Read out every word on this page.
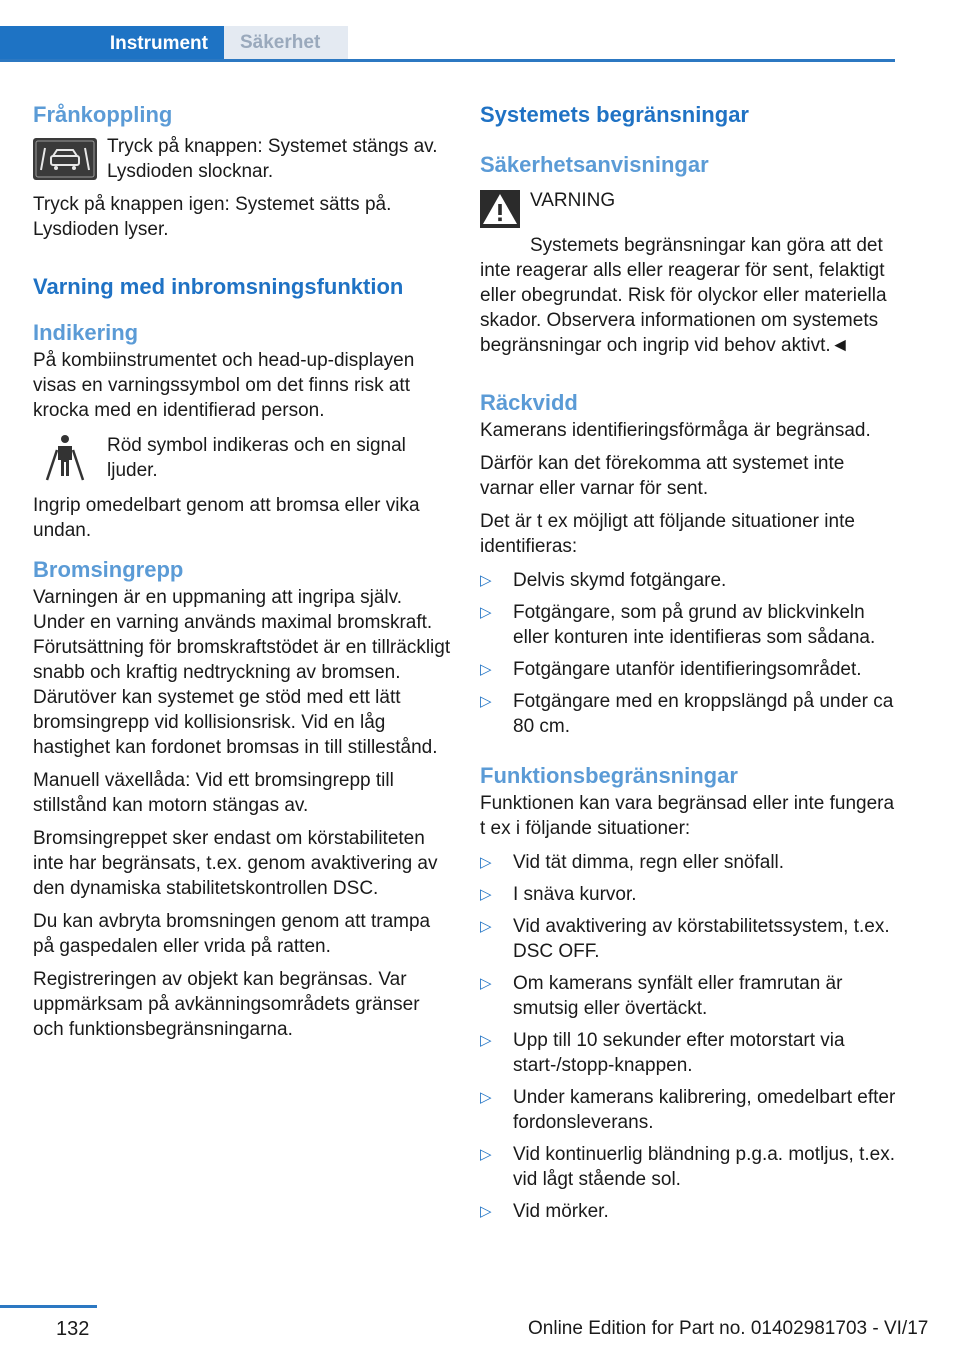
Instrument	Säkerhet
Frånkoppling

Tryck på knappen: Systemet stängs av. Lysdioden slocknar.

Tryck på knappen igen: Systemet sätts på. Lysdioden lyser.

Varning med inbromsningsfunktion
Indikering

På kombiinstrumentet och head-up-displayen visas en varningssymbol om det finns risk att krocka med en identifierad person.

Röd symbol indikeras och en signal ljuder.

Ingrip omedelbart genom att bromsa eller vika undan.

Bromsingrepp

Varningen är en uppmaning att ingripa själv. Under en varning används maximal bromskraft. Förutsättning för bromskraftstödet är en tillräckligt snabb och kraftig nedtryckning av bromsen. Därutöver kan systemet ge stöd med ett lätt bromsingrepp vid kollisionsrisk. Vid en låg hastighet kan fordonet bromsas in till stillestånd.

Manuell växellåda: Vid ett bromsingrepp till stillstånd kan motorn stängas av.

Bromsingreppet sker endast om körstabiliteten inte har begränsats, t.ex. genom avaktivering av den dynamiska stabilitetskontrollen DSC.

Du kan avbryta bromsningen genom att trampa på gaspedalen eller vrida på ratten.

Registreringen av objekt kan begränsas. Var uppmärksam på avkänningsområdets gränser och funktionsbegränsningarna.

Systemets begränsningar
Säkerhetsanvisningar

VARNING

Systemets begränsningar kan göra att det inte reagerar alls eller reagerar för sent, felaktigt eller obegrundat. Risk för olyckor eller materiella skador. Observera informationen om systemets begränsningar och ingrip vid behov aktivt.◄

Räckvidd

Kamerans identifieringsförmåga är begränsad.

Därför kan det förekomma att systemet inte varnar eller varnar för sent.

Det är t ex möjligt att följande situationer inte identifieras:

▷ Delvis skymd fotgängare.
▷ Fotgängare, som på grund av blickvinkeln eller konturen inte identifieras som sådana.
▷ Fotgängare utanför identifieringsområdet.
▷ Fotgängare med en kroppslängd på under ca 80 cm.
Funktionsbegränsningar

Funktionen kan vara begränsad eller inte fungera t ex i följande situationer:

▷ Vid tät dimma, regn eller snöfall.
▷ I snäva kurvor.
▷ Vid avaktivering av körstabilitetssystem, t.ex. DSC OFF.
▷ Om kamerans synfält eller framrutan är smutsig eller övertäckt.
▷ Upp till 10 sekunder efter motorstart via start-/stopp-knappen.
▷ Under kamerans kalibrering, omedelbart efter fordonsleverans.
▷ Vid kontinuerlig bländning p.g.a. motljus, t.ex. vid lågt stående sol.
▷ Vid mörker.
132	Online Edition for Part no. 01402981703 - VI/17
